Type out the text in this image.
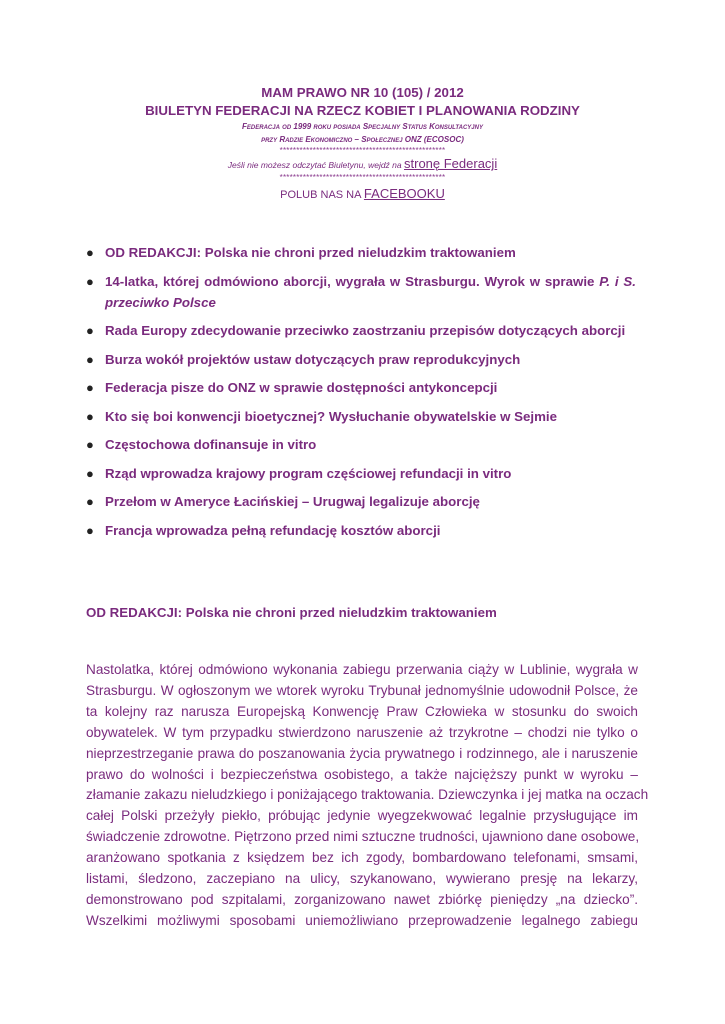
MAM PRAWO NR 10 (105) / 2012
BIULETYN FEDERACJI NA RZECZ KOBIET I PLANOWANIA RODZINY
Federacja od 1999 roku posiada Specjalny Status Konsultacyjny
przy Radzie Ekonomiczno – Społecznej ONZ (ECOSOC)
**************************************************
Jeśli nie możesz odczytać Biuletynu, wejdź na stronę Federacji
**************************************************
POLUB NAS NA FACEBOOKU
● OD REDAKCJI: Polska nie chroni przed nieludzkim traktowaniem
● 14-latka, której odmówiono aborcji, wygrała w Strasburgu. Wyrok w sprawie P. i S. przeciwko Polsce
● Rada Europy zdecydowanie przeciwko zaostrzaniu przepisów dotyczących aborcji
● Burza wokół projektów ustaw dotyczących praw reprodukcyjnych
● Federacja pisze do ONZ w sprawie dostępności antykoncepcji
● Kto się boi konwencji bioetycznej? Wysłuchanie obywatelskie w Sejmie
● Częstochowa dofinansuje in vitro
● Rząd wprowadza krajowy program częściowej refundacji in vitro
● Przełom w Ameryce Łacińskiej – Urugwaj legalizuje aborcję
● Francja wprowadza pełną refundację kosztów aborcji
OD REDAKCJI: Polska nie chroni przed nieludzkim traktowaniem
Nastolatka, której odmówiono wykonania zabiegu przerwania ciąży w Lublinie, wygrała w
Strasburgu. W ogłoszonym we wtorek wyroku Trybunał jednomyślnie udowodnił Polsce, że
ta kolejny raz narusza Europejską Konwencję Praw Człowieka w stosunku do swoich
obywatelek. W tym przypadku stwierdzono naruszenie aż trzykrotne – chodzi nie tylko o
nieprzestrzeganie prawa do poszanowania życia prywatnego i rodzinnego, ale i naruszenie
prawo do wolności i bezpieczeństwa osobistego, a także najcięższy punkt w wyroku –
złamanie zakazu nieludzkiego i poniżającego traktowania. Dziewczynka i jej matka na oczach
całej Polski przeżyły piekło, próbując jedynie wyegzekwować legalnie przysługujące im
świadczenie zdrowotne. Piętrzono przed nimi sztuczne trudności, ujawniono dane osobowe,
aranżowano spotkania z księdzem bez ich zgody, bombardowano telefonami, smsami,
listami, śledzono, zaczepiano na ulicy, szykanowano, wywierano presję na lekarzy,
demonstrowano pod szpitalami, zorganizowano nawet zbiórkę pieniędzy „na dziecko”.
Wszelkimi możliwymi sposobami uniemożliwiano przeprowadzenie legalnego zabiegu
